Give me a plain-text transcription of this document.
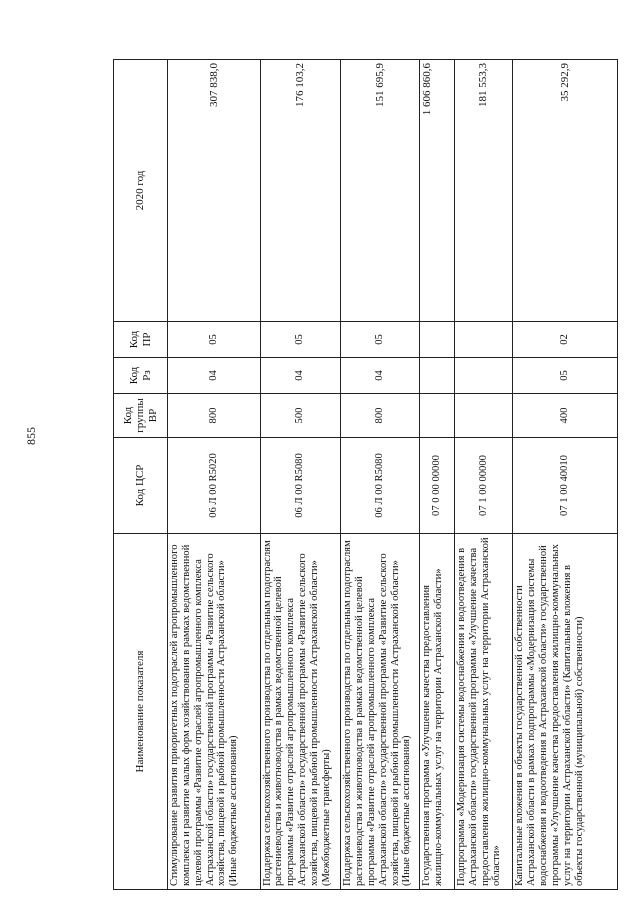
855
Наименование показателя	Код ЦСР	Код группы ВР	Код Рз	Код ПР	2020 год
Стимулирование развития приоритетных подотраслей агропромышленного комплекса и развитие малых форм хозяйствования в рамках ведомственной целевой программы «Развитие отраслей агропромышленного комплекса Астраханской области» государственной программы «Развитие сельского хозяйства, пищевой и рыбной промышленности Астраханской области» (Иные бюджетные ассигнования)	06 Л 00 R5020	800	04	05	307 838,0
Поддержка сельскохозяйственного производства по отдельным подотраслям растениеводства и животноводства в рамках ведомственной целевой программы «Развитие отраслей агропромышленного комплекса Астраханской области» государственной программы «Развитие сельского хозяйства, пищевой и рыбной промышленности Астраханской области» (Межбюджетные трансферты)	06 Л 00 R5080	500	04	05	176 103,2
Поддержка сельскохозяйственного производства по отдельным подотраслям растениеводства и животноводства в рамках ведомственной целевой программы «Развитие отраслей агропромышленного комплекса Астраханской области» государственной программы «Развитие сельского хозяйства, пищевой и рыбной промышленности Астраханской области» (Иные бюджетные ассигнования)	06 Л 00 R5080	800	04	05	151 695,9
Государственная программа «Улучшение качества предоставления жилищно-коммунальных услуг на территории Астраханской области»	07 0 00 00000				1 606 860,6
Подпрограмма «Модернизация системы водоснабжения и водоотведения в Астраханской области» государственной программы «Улучшение качества предоставления жилищно-коммунальных услуг на территории Астраханской области»	07 1 00 00000				181 553,3
Капитальные вложения в объекты государственной собственности Астраханской области в рамках подпрограммы «Модернизация системы водоснабжения и водоотведения в Астраханской области» государственной программы «Улучшение качества предоставления жилищно-коммунальных услуг на территории Астраханской области» (Капитальные вложения в объекты государственной (муниципальной) собственности)	07 1 00 40010	400	05	02	35 292,9
